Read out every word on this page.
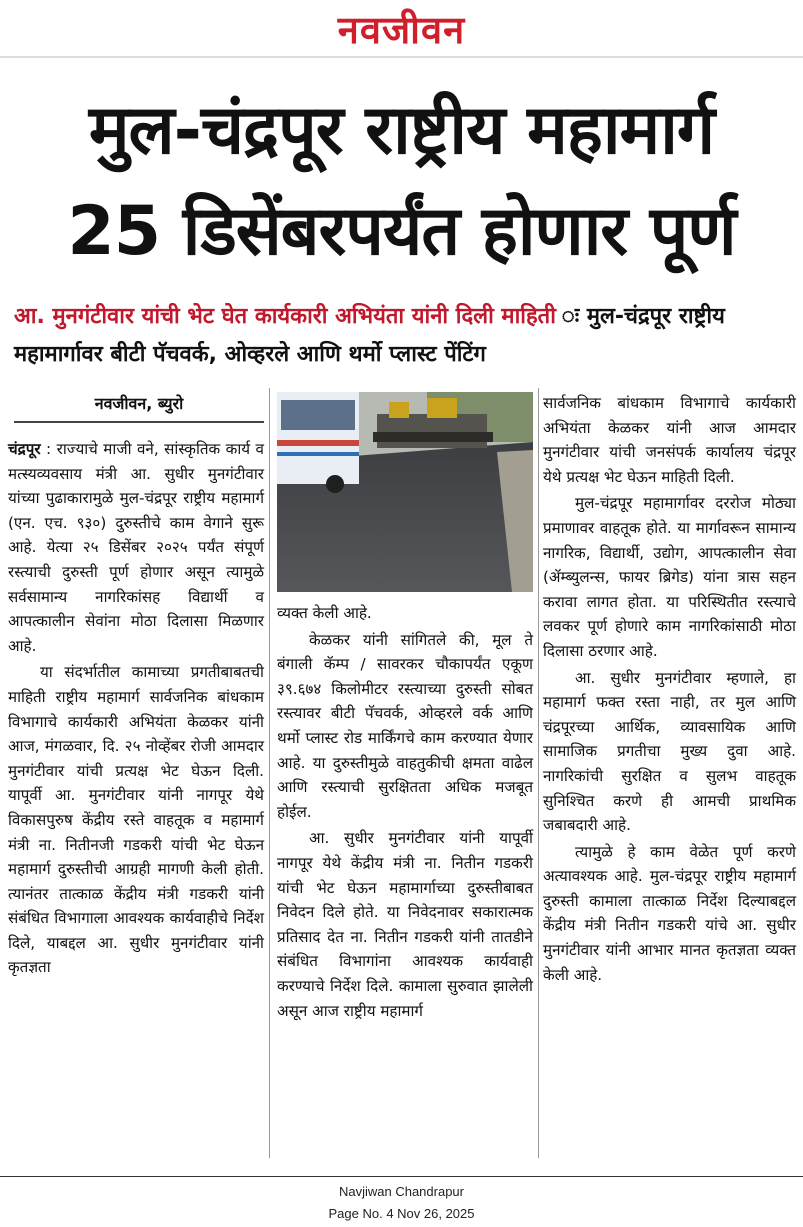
नवजीवन
मुल-चंद्रपूर राष्ट्रीय महामार्ग
25 डिसेंबरपर्यंत होणार पूर्ण
आ. मुनगंटीवार यांची भेट घेत कार्यकारी अभियंता यांनी दिली माहिती ः मुल-चंद्रपूर राष्ट्रीय महामार्गावर बीटी पॅचवर्क, ओव्हरले आणि थर्मो प्लास्ट पेंटिंग
नवजीवन, ब्युरो

चंद्रपूर : राज्याचे माजी वने, सांस्कृतिक कार्य व मत्स्यव्यवसाय मंत्री आ. सुधीर मुनगंटीवार यांच्या पुढाकारामुळे मुल-चंद्रपूर राष्ट्रीय महामार्ग (एन. एच. ९३०) दुरुस्तीचे काम वेगाने सुरू आहे. येत्या २५ डिसेंबर २०२५ पर्यंत संपूर्ण रस्त्याची दुरुस्ती पूर्ण होणार असून त्यामुळे सर्वसामान्य नागरिकांसह विद्यार्थी व आपत्कालीन सेवांना मोठा दिलासा मिळणार आहे.

या संदर्भातील कामाच्या प्रगतीबाबतची माहिती राष्ट्रीय महामार्ग सार्वजनिक बांधकाम विभागाचे कार्यकारी अभियंता केळकर यांनी आज, मंगळवार, दि. २५ नोव्हेंबर रोजी आमदार मुनगंटीवार यांची प्रत्यक्ष भेट घेऊन दिली. यापूर्वी आ. मुनगंटीवार यांनी नागपूर येथे विकासपुरुष केंद्रीय रस्ते वाहतूक व महामार्ग मंत्री ना. नितीनजी गडकरी यांची भेट घेऊन महामार्ग दुरुस्तीची आग्रही मागणी केली होती. त्यानंतर तात्काळ केंद्रीय मंत्री गडकरी यांनी संबंधित विभागाला आवश्यक कार्यवाहीचे निर्देश दिले, याबद्दल आ. सुधीर मुनगंटीवार यांनी कृतज्ञता

व्यक्त केली आहे.

केळकर यांनी सांगितले की, मूल ते बंगाली कॅम्प / सावरकर चौकापर्यंत एकूण ३९.६७४ किलोमीटर रस्त्याच्या दुरुस्ती सोबत रस्त्यावर बीटी पॅचवर्क, ओव्हरले वर्क आणि थर्मो प्लास्ट रोड मार्किंगचे काम करण्यात येणार आहे. या दुरुस्तीमुळे वाहतुकीची क्षमता वाढेल आणि रस्त्याची सुरक्षितता अधिक मजबूत होईल.

आ. सुधीर मुनगंटीवार यांनी यापूर्वी नागपूर येथे केंद्रीय मंत्री ना. नितीन गडकरी यांची भेट घेऊन महामार्गाच्या दुरुस्तीबाबत निवेदन दिले होते. या निवेदनावर सकारात्मक प्रतिसाद देत ना. नितीन गडकरी यांनी तातडीने संबंधित विभागांना आवश्यक कार्यवाही करण्याचे निर्देश दिले. कामाला सुरुवात झालेली असून आज राष्ट्रीय महामार्ग

सार्वजनिक बांधकाम विभागाचे कार्यकारी अभियंता केळकर यांनी आज आमदार मुनगंटीवार यांची जनसंपर्क कार्यालय चंद्रपूर येथे प्रत्यक्ष भेट घेऊन माहिती दिली.

मुल-चंद्रपूर महामार्गावर दररोज मोठ्या प्रमाणावर वाहतूक होते. या मार्गावरून सामान्य नागरिक, विद्यार्थी, उद्योग, आपत्कालीन सेवा (ॲम्ब्युलन्स, फायर ब्रिगेड) यांना त्रास सहन करावा लागत होता. या परिस्थितीत रस्त्याचे लवकर पूर्ण होणारे काम नागरिकांसाठी मोठा दिलासा ठरणार आहे.

आ. सुधीर मुनगंटीवार म्हणाले, हा महामार्ग फक्त रस्ता नाही, तर मुल आणि चंद्रपूरच्या आर्थिक, व्यावसायिक आणि सामाजिक प्रगतीचा मुख्य दुवा आहे. नागरिकांची सुरक्षित व सुलभ वाहतूक सुनिश्चित करणे ही आमची प्राथमिक जबाबदारी आहे.

त्यामुळे हे काम वेळेत पूर्ण करणे अत्यावश्यक आहे. मुल-चंद्रपूर राष्ट्रीय महामार्ग दुरुस्ती कामाला तात्काळ निर्देश दिल्याबद्दल केंद्रीय मंत्री नितीन गडकरी यांचे आ. सुधीर मुनगंटीवार यांनी आभार मानत कृतज्ञता व्यक्त केली आहे.

Navjiwan Chandrapur
Page No. 4 Nov 26, 2025
